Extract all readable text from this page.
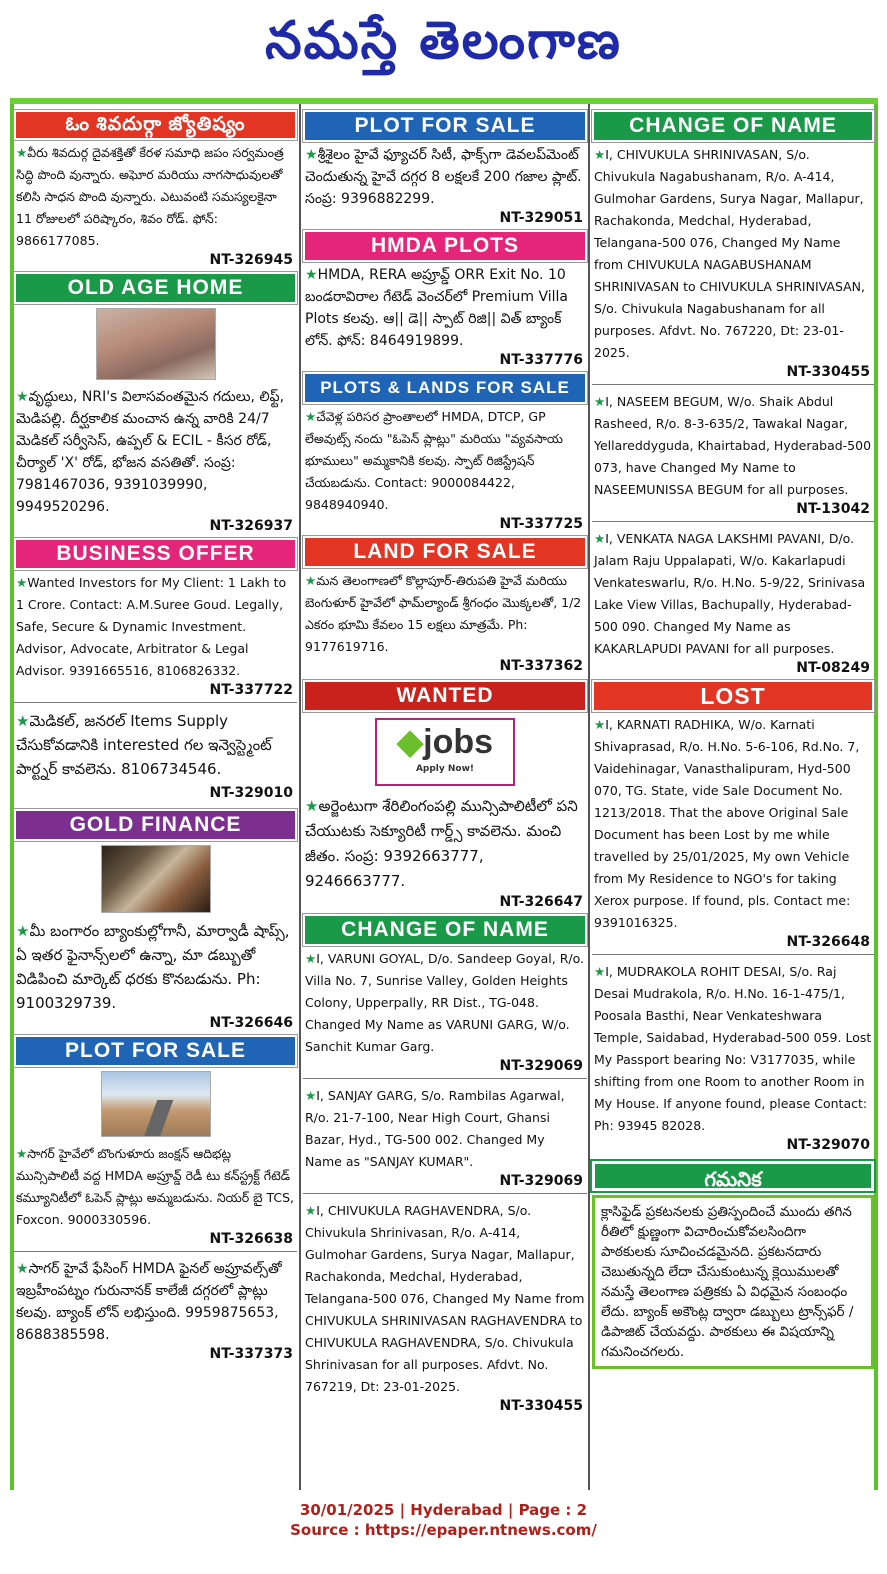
నమస్తే తెలంగాణ
ఓం శివదుర్గా జ్యోతిష్యం
★వీరు శివదుర్గ దైవశక్తితో కేరళ సమాధి జపం సర్వమంత్ర సిద్ధి పొంది వున్నారు. అఘోర మరియు నాగసాధువులతో కలిసి సాధన పొంది వున్నారు. ఎటువంటి సమస్యలకైనా 11 రోజులలో పరిష్కారం, శివం రోడ్. ఫోన్: 9866177085.
NT-326945
OLD AGE HOME
★వృద్ధులు, NRI's విలాసవంతమైన గదులు, లిఫ్ట్, మెడిపల్లి. దీర్ఘకాలిక మంచాన ఉన్న వారికి 24/7 మెడికల్ సర్వీసెస్, ఉప్పల్ & ECIL - కీసర రోడ్, చీర్యాల్ 'X' రోడ్, భోజన వసతితో. సంప్ర: 7981467036, 9391039990, 9949520296.
NT-326937
BUSINESS OFFER
★Wanted Investors for My Client: 1 Lakh to 1 Crore. Contact: A.M.Suree Goud. Legally, Safe, Secure & Dynamic Investment. Advisor, Advocate, Arbitrator & Legal Advisor. 9391665516, 8106826332.
NT-337722
★మెడికల్, జనరల్ Items Supply చేసుకోవడానికి interested గల ఇన్వెస్ట్మెంట్ పార్ట్నర్ కావలెను. 8106734546.
NT-329010
GOLD FINANCE
★మీ బంగారం బ్యాంకుల్లోగానీ, మార్వాడీ షాప్స్, ఏ ఇతర ఫైనాన్స్‌లలో ఉన్నా, మా డబ్బుతో విడిపించి మార్కెట్ ధరకు కొనబడును. Ph: 9100329739.
NT-326646
PLOT FOR SALE
★సాగర్ హైవేలో బొంగుళూరు జంక్షన్ ఆదిభట్ల మున్సిపాలిటీ వద్ద HMDA అప్రూవ్డ్ రెడీ టు కన్‌స్ట్రక్ట్ గేటెడ్ కమ్యూనిటీలో ఓపెన్ ప్లాట్లు అమ్మబడును. నియర్ బై TCS, Foxcon. 9000330596.
NT-326638
★సాగర్ హైవే ఫేసింగ్ HMDA ఫైనల్ అప్రూవల్స్‌తో ఇబ్రహీంపట్నం గురునానక్ కాలేజీ దగ్గరలో ప్లాట్లు కలవు. బ్యాంక్ లోన్ లభిస్తుంది. 9959875653, 8688385598.
NT-337373
PLOT FOR SALE
★శ్రీశైలం హైవే ఫ్యూచర్ సిటీ, ఫాక్స్‌గా డెవలప్‌మెంట్ చెందుతున్న హైవే దగ్గర 8 లక్షలకే 200 గజాల ప్లాట్. సంప్ర: 9396882299.
NT-329051
HMDA PLOTS
★HMDA, RERA అప్రూవ్డ్ ORR Exit No. 10 బండరావిరాల గేటెడ్ వెంచర్‌లో Premium Villa Plots కలవు. ఆ|| డె|| స్పాట్ రిజి|| విత్ బ్యాంక్ లోన్. ఫోన్: 8464919899.
NT-337776
PLOTS & LANDS FOR SALE
★చేవెళ్ల పరిసర ప్రాంతాలలో HMDA, DTCP, GP లేఅవుట్స్ నందు "ఓపెన్ ప్లాట్లు" మరియు "వ్యవసాయ భూములు" అమ్మకానికి కలవు. స్పాట్ రిజిస్ట్రేషన్ చేయబడును. Contact: 9000084422, 9848940940.
NT-337725
LAND FOR SALE
★మన తెలంగాణలో కొల్లాపూర్-తిరుపతి హైవే మరియు బెంగుళూర్ హైవేలో ఫామ్‌ల్యాండ్ శ్రీగంధం మొక్కలతో, 1/2 ఎకరం భూమి కేవలం 15 లక్షలు మాత్రమే. Ph: 9177619716.
NT-337362
WANTED
◆jobs
Apply Now!
★అర్జెంటుగా శేరిలింగంపల్లి మున్సిపాలిటీలో పని చేయుటకు సెక్యూరిటీ గార్డ్స్ కావలెను. మంచి జీతం. సంప్ర: 9392663777, 9246663777.
NT-326647
CHANGE OF NAME
★I, VARUNI GOYAL, D/o. Sandeep Goyal, R/o. Villa No. 7, Sunrise Valley, Golden Heights Colony, Upperpally, RR Dist., TG-048. Changed My Name as VARUNI GARG, W/o. Sanchit Kumar Garg.
NT-329069
★I, SANJAY GARG, S/o. Rambilas Agarwal, R/o. 21-7-100, Near High Court, Ghansi Bazar, Hyd., TG-500 002. Changed My Name as "SANJAY KUMAR".
NT-329069
★I, CHIVUKULA RAGHAVENDRA, S/o. Chivukula Shrinivasan, R/o. A-414, Gulmohar Gardens, Surya Nagar, Mallapur, Rachakonda, Medchal, Hyderabad, Telangana-500 076, Changed My Name from CHIVUKULA SHRINIVASAN RAGHAVENDRA to CHIVUKULA RAGHAVENDRA, S/o. Chivukula Shrinivasan for all purposes. Afdvt. No. 767219, Dt: 23-01-2025.
NT-330455
CHANGE OF NAME
★I, CHIVUKULA SHRINIVASAN, S/o. Chivukula Nagabushanam, R/o. A-414, Gulmohar Gardens, Surya Nagar, Mallapur, Rachakonda, Medchal, Hyderabad, Telangana-500 076, Changed My Name from CHIVUKULA NAGABUSHANAM SHRINIVASAN to CHIVUKULA SHRINIVASAN, S/o. Chivukula Nagabushanam for all purposes. Afdvt. No. 767220, Dt: 23-01-2025.
NT-330455
★I, NASEEM BEGUM, W/o. Shaik Abdul Rasheed, R/o. 8-3-635/2, Tawakal Nagar, Yellareddyguda, Khairtabad, Hyderabad-500 073, have Changed My Name to NASEEMUNISSA BEGUM for all purposes.
NT-13042
★I, VENKATA NAGA LAKSHMI PAVANI, D/o. Jalam Raju Uppalapati, W/o. Kakarlapudi Venkateswarlu, R/o. H.No. 5-9/22, Srinivasa Lake View Villas, Bachupally, Hyderabad-500 090. Changed My Name as KAKARLAPUDI PAVANI for all purposes.
NT-08249
LOST
★I, KARNATI RADHIKA, W/o. Karnati Shivaprasad, R/o. H.No. 5-6-106, Rd.No. 7, Vaidehinagar, Vanasthalipuram, Hyd-500 070, TG. State, vide Sale Document No. 1213/2018. That the above Original Sale Document has been Lost by me while travelled by 25/01/2025, My own Vehicle from My Residence to NGO's for taking Xerox purpose. If found, pls. Contact me: 9391016325.
NT-326648
★I, MUDRAKOLA ROHIT DESAI, S/o. Raj Desai Mudrakola, R/o. H.No. 16-1-475/1, Poosala Basthi, Near Venkateshwara Temple, Saidabad, Hyderabad-500 059. Lost My Passport bearing No: V3177035, while shifting from one Room to another Room in My House. If anyone found, please Contact: Ph: 93945 82028.
NT-329070
గమనిక
క్లాసిఫైడ్ ప్రకటనలకు ప్రతిస్పందించే ముందు తగిన రీతిలో క్షుణ్ణంగా విచారించుకోవలసిందిగా పాఠకులకు సూచించడమైనది. ప్రకటనదారు చెబుతున్నది లేదా చేసుకుంటున్న క్లెయిములతో నమస్తే తెలంగాణ పత్రికకు ఏ విధమైన సంబంధం లేదు. బ్యాంక్ అకౌంట్ల ద్వారా డబ్బులు ట్రాన్స్‌ఫర్ / డిపాజిట్ చేయవద్దు. పాఠకులు ఈ విషయాన్ని గమనించగలరు.
30/01/2025 | Hyderabad | Page : 2
Source : https://epaper.ntnews.com/
